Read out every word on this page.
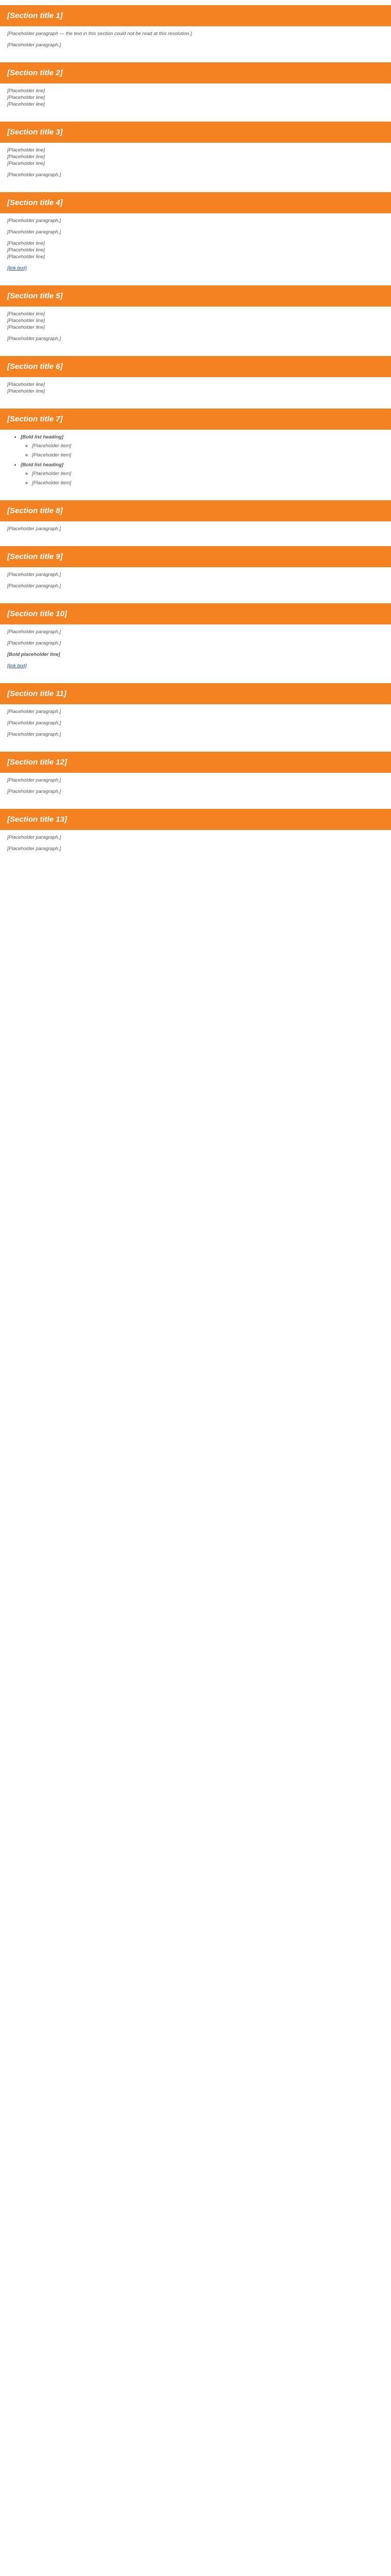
[Section title 1]

[Placeholder paragraph — the text in this section could not be read at this resolution.]

[Placeholder paragraph.]

[Section title 2]

[Placeholder line]
[Placeholder line]
[Placeholder line]

[Section title 3]

[Placeholder line]
[Placeholder line]
[Placeholder line]

[Placeholder paragraph.]

[Section title 4]

[Placeholder paragraph.]

[Placeholder paragraph.]

[Placeholder line]
[Placeholder line]
[Placeholder line]

[link text]

[Section title 5]

[Placeholder line]
[Placeholder line]
[Placeholder line]

[Placeholder paragraph.]

[Section title 6]

[Placeholder line]
[Placeholder line]

[Section title 7]
• [Bold list heading]
◦ [Placeholder item]
◦ [Placeholder item]
• [Bold list heading]
◦ [Placeholder item]
◦ [Placeholder item]
[Section title 8]

[Placeholder paragraph.]

[Section title 9]

[Placeholder paragraph.]

[Placeholder paragraph.]

[Section title 10]

[Placeholder paragraph.]

[Placeholder paragraph.]

[Bold placeholder line]

[link text]

[Section title 11]

[Placeholder paragraph.]

[Placeholder paragraph.]

[Placeholder paragraph.]

[Section title 12]

[Placeholder paragraph.]

[Placeholder paragraph.]

[Section title 13]

[Placeholder paragraph.]

[Placeholder paragraph.]
